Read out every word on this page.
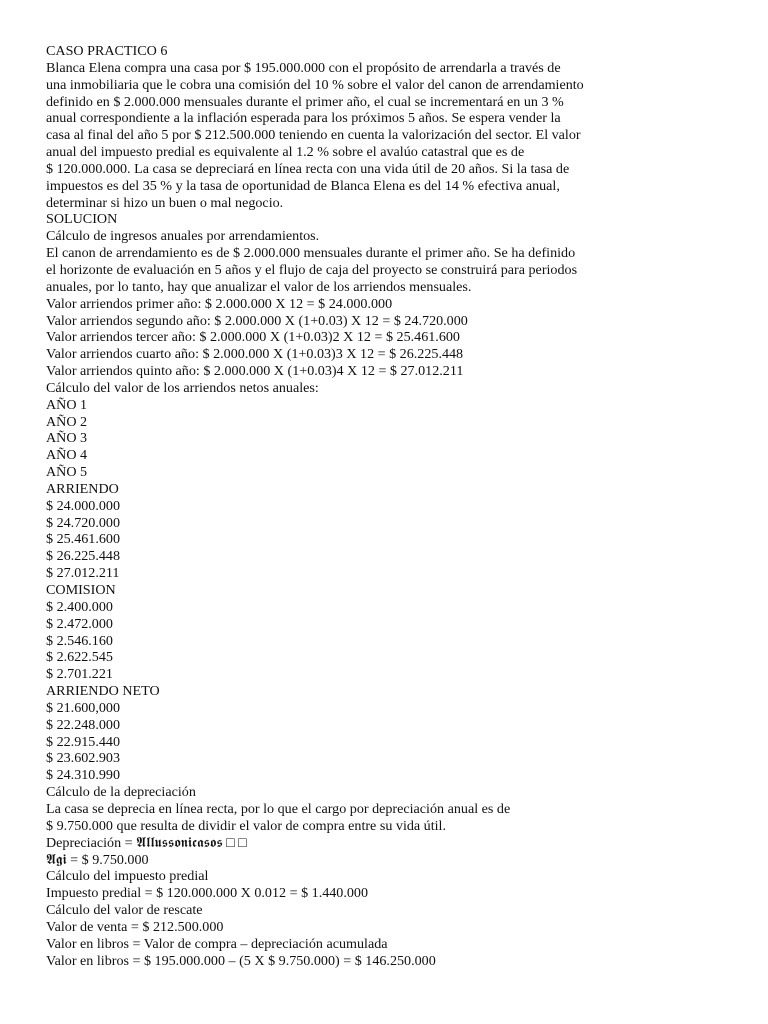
CASO PRACTICO 6
Blanca Elena compra una casa por $ 195.000.000 con el propósito de arrendarla a través de
una inmobiliaria que le cobra una comisión del 10 % sobre el valor del canon de arrendamiento
definido en $ 2.000.000 mensuales durante el primer año, el cual se incrementará en un 3 %
anual correspondiente a la inflación esperada para los próximos 5 años. Se espera vender la
casa al final del año 5 por $ 212.500.000 teniendo en cuenta la valorización del sector. El valor
anual del impuesto predial es equivalente al 1.2 % sobre el avalúo catastral que es de
$ 120.000.000. La casa se depreciará en línea recta con una vida útil de 20 años. Si la tasa de
impuestos es del 35 % y la tasa de oportunidad de Blanca Elena es del 14 % efectiva anual,
determinar si hizo un buen o mal negocio.
SOLUCION
Cálculo de ingresos anuales por arrendamientos.
El canon de arrendamiento es de $ 2.000.000 mensuales durante el primer año. Se ha definido
el horizonte de evaluación en 5 años y el flujo de caja del proyecto se construirá para periodos
anuales, por lo tanto, hay que anualizar el valor de los arriendos mensuales.
Valor arriendos primer año: $ 2.000.000 X 12 = $ 24.000.000
Valor arriendos segundo año: $ 2.000.000 X (1+0.03) X 12 = $ 24.720.000
Valor arriendos tercer año: $ 2.000.000 X (1+0.03)2 X 12 = $ 25.461.600
Valor arriendos cuarto año: $ 2.000.000 X (1+0.03)3 X 12 = $ 26.225.448
Valor arriendos quinto año: $ 2.000.000 X (1+0.03)4 X 12 = $ 27.012.211
Cálculo del valor de los arriendos netos anuales:
AÑO 1
AÑO 2
AÑO 3
AÑO 4
AÑO 5
ARRIENDO
$ 24.000.000
$ 24.720.000
$ 25.461.600
$ 26.225.448
$ 27.012.211
COMISION
$ 2.400.000
$ 2.472.000
$ 2.546.160
$ 2.622.545
$ 2.701.221
ARRIENDO NETO
$ 21.600,000
$ 22.248.000
$ 22.915.440
$ 23.602.903
$ 24.310.990
Cálculo de la depreciación
La casa se deprecia en línea recta, por lo que el cargo por depreciación anual es de
$ 9.750.000 que resulta de dividir el valor de compra entre su vida útil.
Depreciación = 𝕬𝖑𝖑𝖚𝖘𝖘𝖔𝖓𝖎𝖈𝖆𝖘𝖔𝖘 □ □
𝕬𝖌𝖎 = $ 9.750.000
Cálculo del impuesto predial
Impuesto predial = $ 120.000.000 X 0.012 = $ 1.440.000
Cálculo del valor de rescate
Valor de venta = $ 212.500.000
Valor en libros = Valor de compra – depreciación acumulada
Valor en libros = $ 195.000.000 – (5 X $ 9.750.000) = $ 146.250.000
